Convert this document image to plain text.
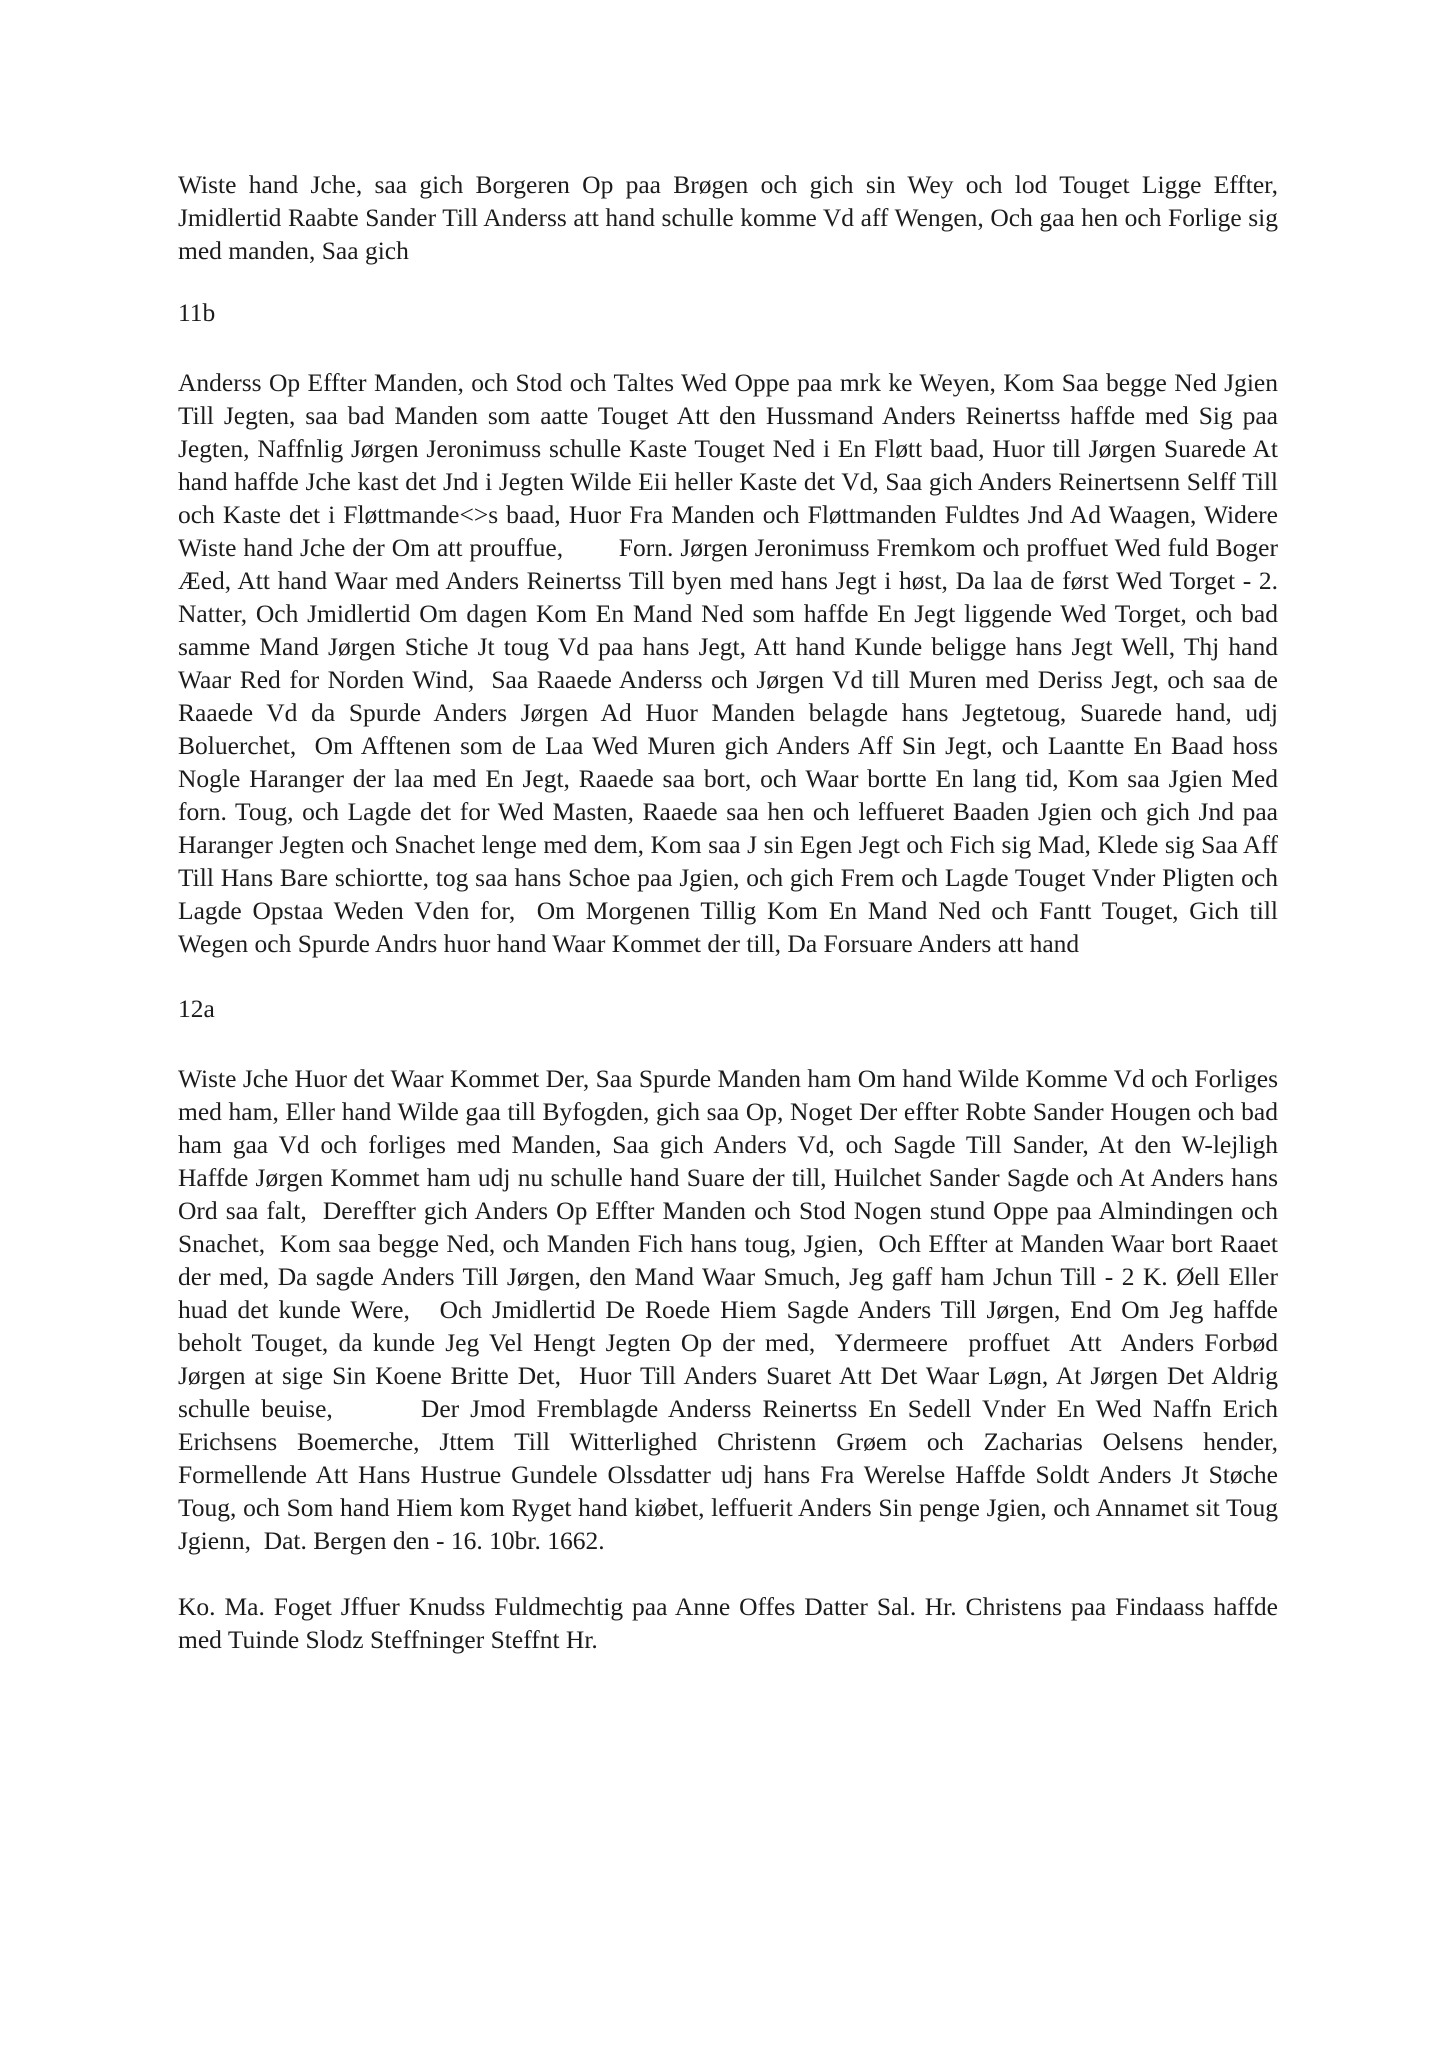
Wiste hand Jche, saa gich Borgeren Op paa Brøgen och gich sin Wey och lod Touget Ligge Effter, Jmidlertid Raabte Sander Till Anderss att hand schulle komme Vd aff Wengen, Och gaa hen och Forlige sig med manden, Saa gich

11b

Anderss Op Effter Manden, och Stod och Taltes Wed Oppe paa mrk ke Weyen, Kom Saa begge Ned Jgien Till Jegten, saa bad Manden som aatte Touget Att den Hussmand Anders Reinertss haffde med Sig paa Jegten, Naffnlig Jørgen Jeronimuss schulle Kaste Touget Ned i En Fløtt baad, Huor till Jørgen Suarede At hand haffde Jche kast det Jnd i Jegten Wilde Eii heller Kaste det Vd, Saa gich Anders Reinertsenn Selff Till och Kaste det i Fløttmande<>s baad, Huor Fra Manden och Fløttmanden Fuldtes Jnd Ad Waagen, Widere Wiste hand Jche der Om att prouffue,        Forn. Jørgen Jeronimuss Fremkom och proffuet Wed fuld Boger Æed, Att hand Waar med Anders Reinertss Till byen med hans Jegt i høst, Da laa de først Wed Torget - 2. Natter, Och Jmidlertid Om dagen Kom En Mand Ned som haffde En Jegt liggende Wed Torget, och bad samme Mand Jørgen Stiche Jt toug Vd paa hans Jegt, Att hand Kunde beligge hans Jegt Well, Thj hand Waar Red for Norden Wind,  Saa Raaede Anderss och Jørgen Vd till Muren med Deriss Jegt, och saa de Raaede Vd da Spurde Anders Jørgen Ad Huor Manden belagde hans Jegtetoug, Suarede hand, udj Boluerchet,  Om Afftenen som de Laa Wed Muren gich Anders Aff Sin Jegt, och Laantte En Baad hoss Nogle Haranger der laa med En Jegt, Raaede saa bort, och Waar bortte En lang tid, Kom saa Jgien Med forn. Toug, och Lagde det for Wed Masten, Raaede saa hen och leffueret Baaden Jgien och gich Jnd paa Haranger Jegten och Snachet lenge med dem, Kom saa J sin Egen Jegt och Fich sig Mad, Klede sig Saa Aff Till Hans Bare schiortte, tog saa hans Schoe paa Jgien, och gich Frem och Lagde Touget Vnder Pligten och Lagde Opstaa Weden Vden for,  Om Morgenen Tillig Kom En Mand Ned och Fantt Touget, Gich till Wegen och Spurde Andrs huor hand Waar Kommet der till, Da Forsuare Anders att hand

12a

Wiste Jche Huor det Waar Kommet Der, Saa Spurde Manden ham Om hand Wilde Komme Vd och Forliges med ham, Eller hand Wilde gaa till Byfogden, gich saa Op, Noget Der effter Robte Sander Hougen och bad ham gaa Vd och forliges med Manden, Saa gich Anders Vd, och Sagde Till Sander, At den W-lejligh Haffde Jørgen Kommet ham udj nu schulle hand Suare der till, Huilchet Sander Sagde och At Anders hans Ord saa falt,  Dereffter gich Anders Op Effter Manden och Stod Nogen stund Oppe paa Almindingen och Snachet,  Kom saa begge Ned, och Manden Fich hans toug, Jgien,  Och Effter at Manden Waar bort Raaet der med, Da sagde Anders Till Jørgen, den Mand Waar Smuch, Jeg gaff ham Jchun Till - 2 K. Øell Eller huad det kunde Were,   Och Jmidlertid De Roede Hiem Sagde Anders Till Jørgen, End Om Jeg haffde beholt Touget, da kunde Jeg Vel Hengt Jegten Op der med,  Ydermeere  proffuet  Att  Anders Forbød Jørgen at sige Sin Koene Britte Det,  Huor Till Anders Suaret Att Det Waar Løgn, At Jørgen Det Aldrig schulle beuise,        Der Jmod Fremblagde Anderss Reinertss En Sedell Vnder En Wed Naffn Erich Erichsens Boemerche, Jttem Till Witterlighed Christenn Grøem och Zacharias Oelsens hender, Formellende Att Hans Hustrue Gundele Olssdatter udj hans Fra Werelse Haffde Soldt Anders Jt Støche Toug, och Som hand Hiem kom Ryget hand kiøbet, leffuerit Anders Sin penge Jgien, och Annamet sit Toug Jgienn,  Dat. Bergen den - 16. 10br. 1662.

Ko. Ma. Foget Jffuer Knudss Fuldmechtig paa Anne Offes Datter Sal. Hr. Christens paa Findaass haffde med Tuinde Slodz Steffninger Steffnt Hr.
